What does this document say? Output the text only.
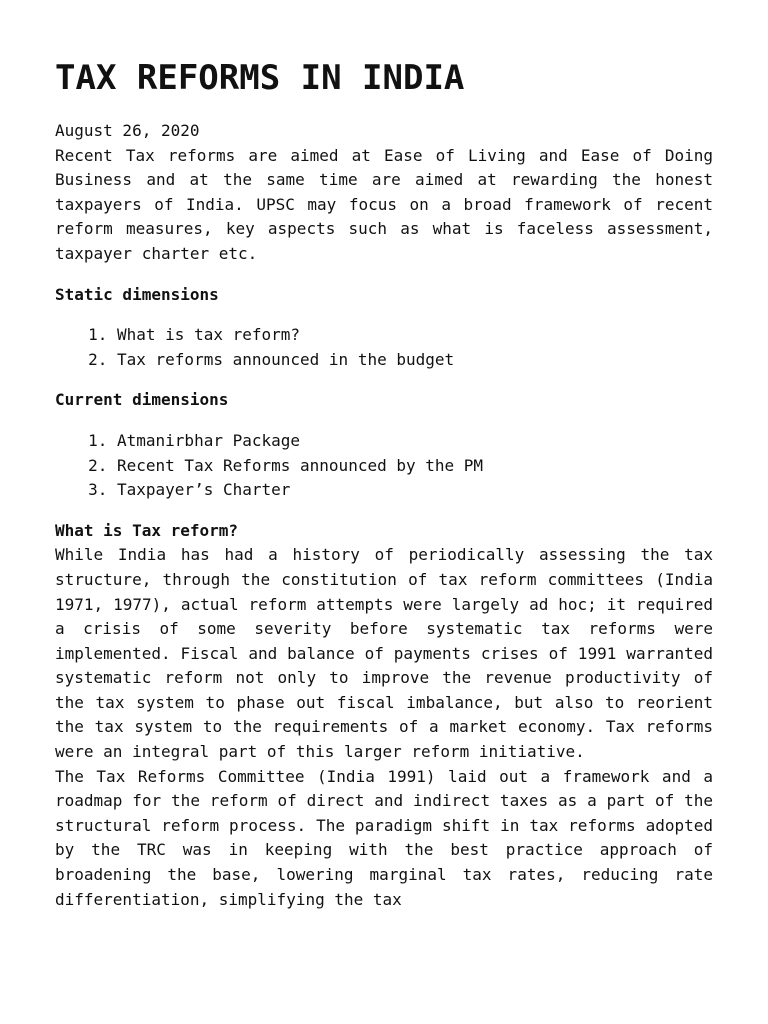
TAX REFORMS IN INDIA
August 26, 2020

Recent Tax reforms are aimed at Ease of Living and Ease of Doing Business and at the same time are aimed at rewarding the honest taxpayers of India. UPSC may focus on a broad framework of recent reform measures, key aspects such as what is faceless assessment, taxpayer charter etc.

Static dimensions
1. What is tax reform?
2. Tax reforms announced in the budget
Current dimensions
1. Atmanirbhar Package
2. Recent Tax Reforms announced by the PM
3. Taxpayer’s Charter
What is Tax reform?

While India has had a history of periodically assessing the tax structure, through the constitution of tax reform committees (India 1971, 1977), actual reform attempts were largely ad hoc; it required a crisis of some severity before systematic tax reforms were implemented. Fiscal and balance of payments crises of 1991 warranted systematic reform not only to improve the revenue productivity of the tax system to phase out fiscal imbalance, but also to reorient the tax system to the requirements of a market economy. Tax reforms were an integral part of this larger reform initiative.

The Tax Reforms Committee (India 1991) laid out a framework and a roadmap for the reform of direct and indirect taxes as a part of the structural reform process. The paradigm shift in tax reforms adopted by the TRC was in keeping with the best practice approach of broadening the base, lowering marginal tax rates, reducing rate differentiation, simplifying the tax
